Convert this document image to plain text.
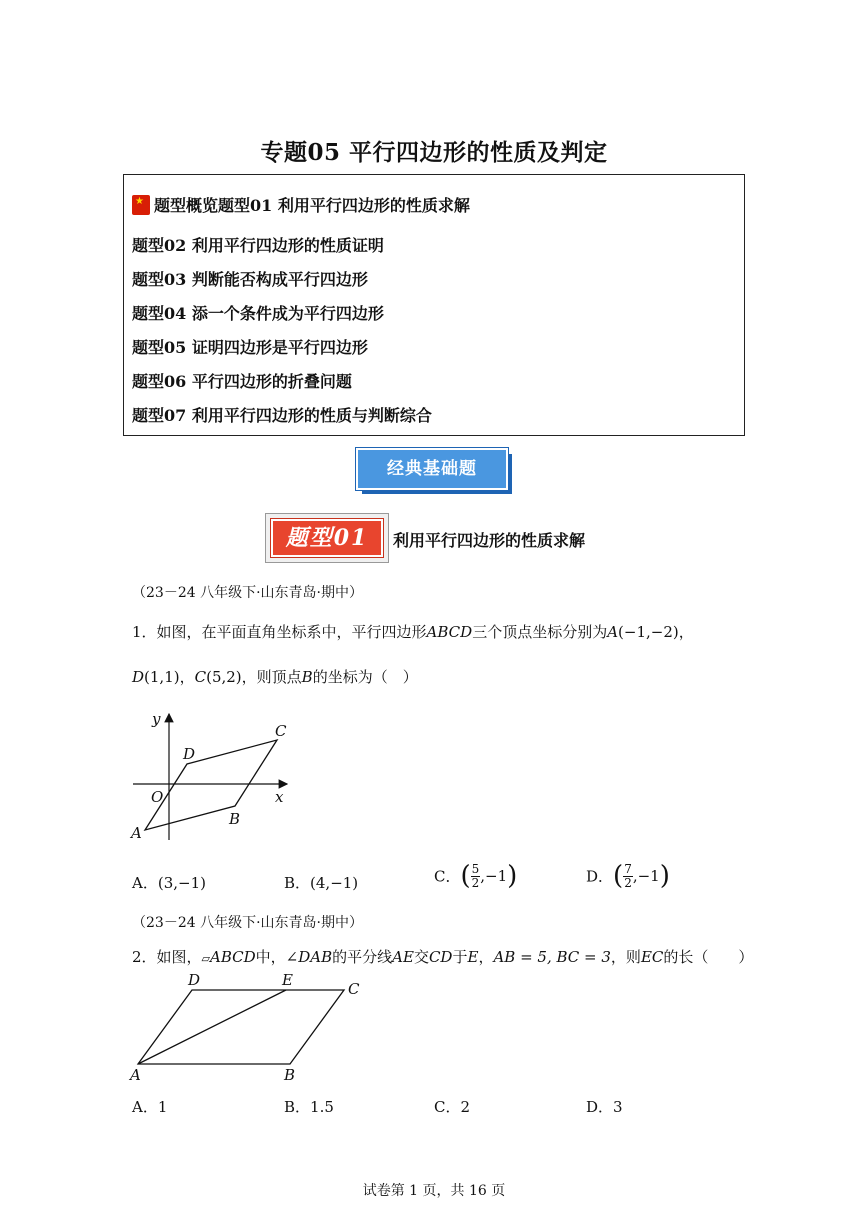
专题05 平行四边形的性质及判定
★题型概览题型01 利用平行四边形的性质求解
题型02 利用平行四边形的性质证明
题型03 判断能否构成平行四边形
题型04 添一个条件成为平行四边形
题型05 证明四边形是平行四边形
题型06 平行四边形的折叠问题
题型07 利用平行四边形的性质与判断综合
经典基础题
题型01	利用平行四边形的性质求解
（23－24 八年级下·山东青岛·期中）
1．如图，在平面直角坐标系中，平行四边形ABCD三个顶点坐标分别为A(−1,−2)，
D(1,1)，C(5,2)，则顶点B的坐标为（　）
y
x
O
A
B
C
D
A．(3,−1)	B．(4,−1)	C．( $\frac{5}{2} ,-1$)	D．( $\frac{7}{2} ,-1$)
（23－24 八年级下·山东青岛·期中）
2．如图，▱ABCD中，∠DAB的平分线AE交CD于E，AB = 5, BC = 3，则EC的长（　　）
A	B
C
D	E
A．1	B．1.5	C．2	D．3
试卷第 1 页，共 16 页
